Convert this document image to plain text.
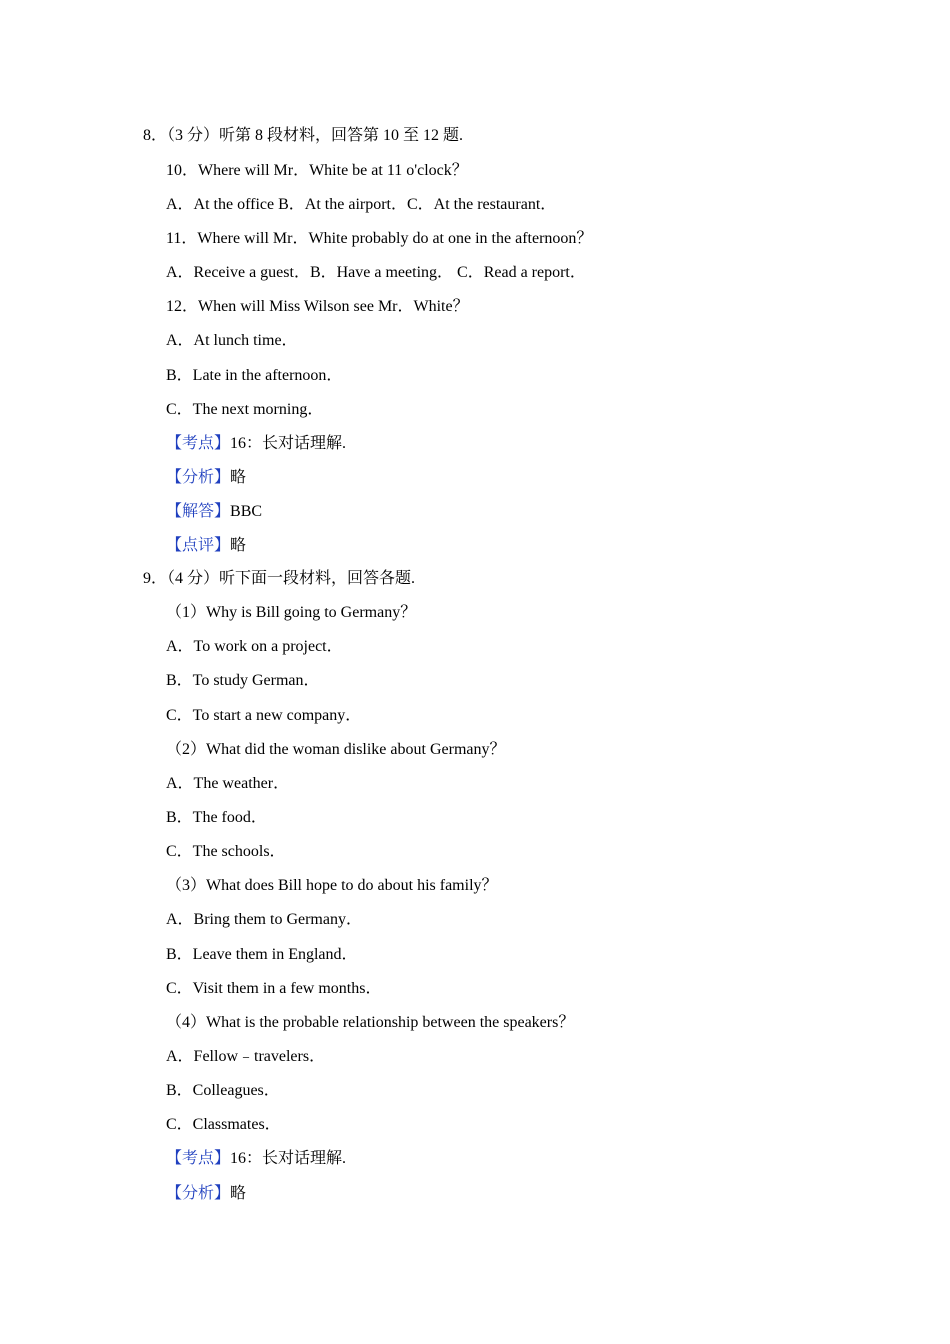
8．（3 分）听第 8 段材料，回答第 10 至 12 题.
10．Where will Mr．White be at 11 o'clock？
A．At the office B．At the airport．C．At the restaurant．
11．Where will Mr．White probably do at one in the afternoon？
A．Receive a guest．B．Have a meeting． C．Read a report．
12．When will Miss Wilson see Mr．White？
A．At lunch time．
B．Late in the afternoon．
C．The next morning．
【考点】16：长对话理解.
【分析】略
【解答】BBC
【点评】略
9．（4 分）听下面一段材料，回答各题.
（1）Why is Bill going to Germany？
A．To work on a project．
B．To study German．
C．To start a new company．
（2）What did the woman dislike about Germany？
A．The weather．
B．The food．
C．The schools．
（3）What does Bill hope to do about his family？
A．Bring them to Germany．
B．Leave them in England．
C．Visit them in a few months．
（4）What is the probable relationship between the speakers？
A．Fellow﹣travelers．
B．Colleagues．
C．Classmates．
【考点】16：长对话理解.
【分析】略
